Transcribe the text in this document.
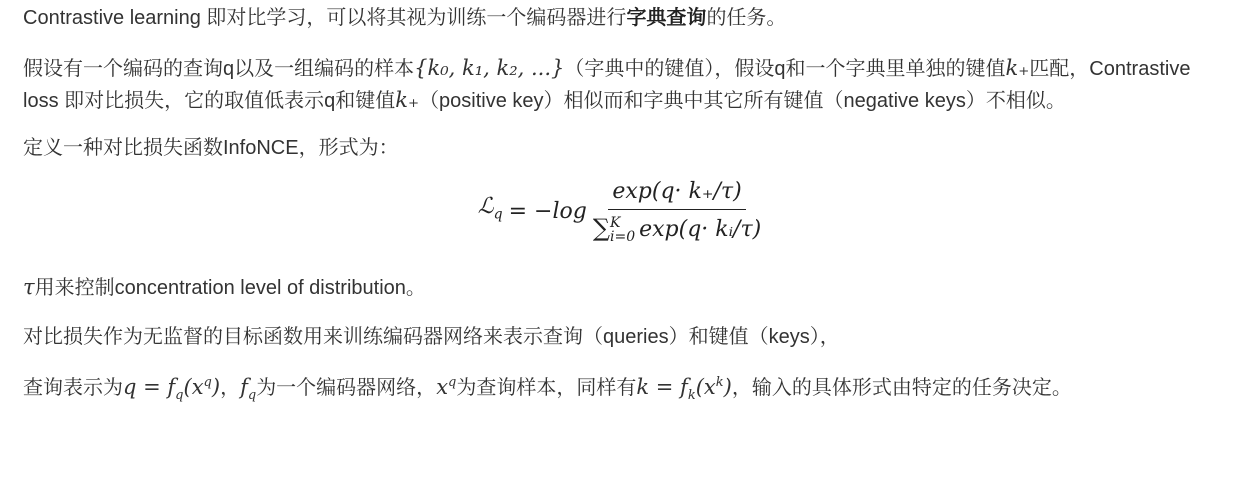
Contrastive learning 即对比学习，可以将其视为训练一个编码器进行字典查询的任务。

假设有一个编码的查询q以及一组编码的样本{k₀, k₁, k₂, ...}（字典中的键值），假设q和一个字典里单独的键值k₊匹配，Contrastive loss 即对比损失，它的取值低表示q和键值k₊（positive key）相似而和字典中其它所有键值（negative keys）不相似。

定义一种对比损失函数InfoNCE，形式为：

ℒ$_q$ = −log exp(q· k₊/τ)
∑ K
i=0 exp(q· kᵢ/τ)

τ用来控制concentration level of distribution。

对比损失作为无监督的目标函数用来训练编码器网络来表示查询（queries）和键值（keys），

查询表示为$q = f_q(x^q)$，$f_q$为一个编码器网络，$x^q$为查询样本，同样有$k = f_k(x^k)$，输入的具体形式由特定的任务决定。
